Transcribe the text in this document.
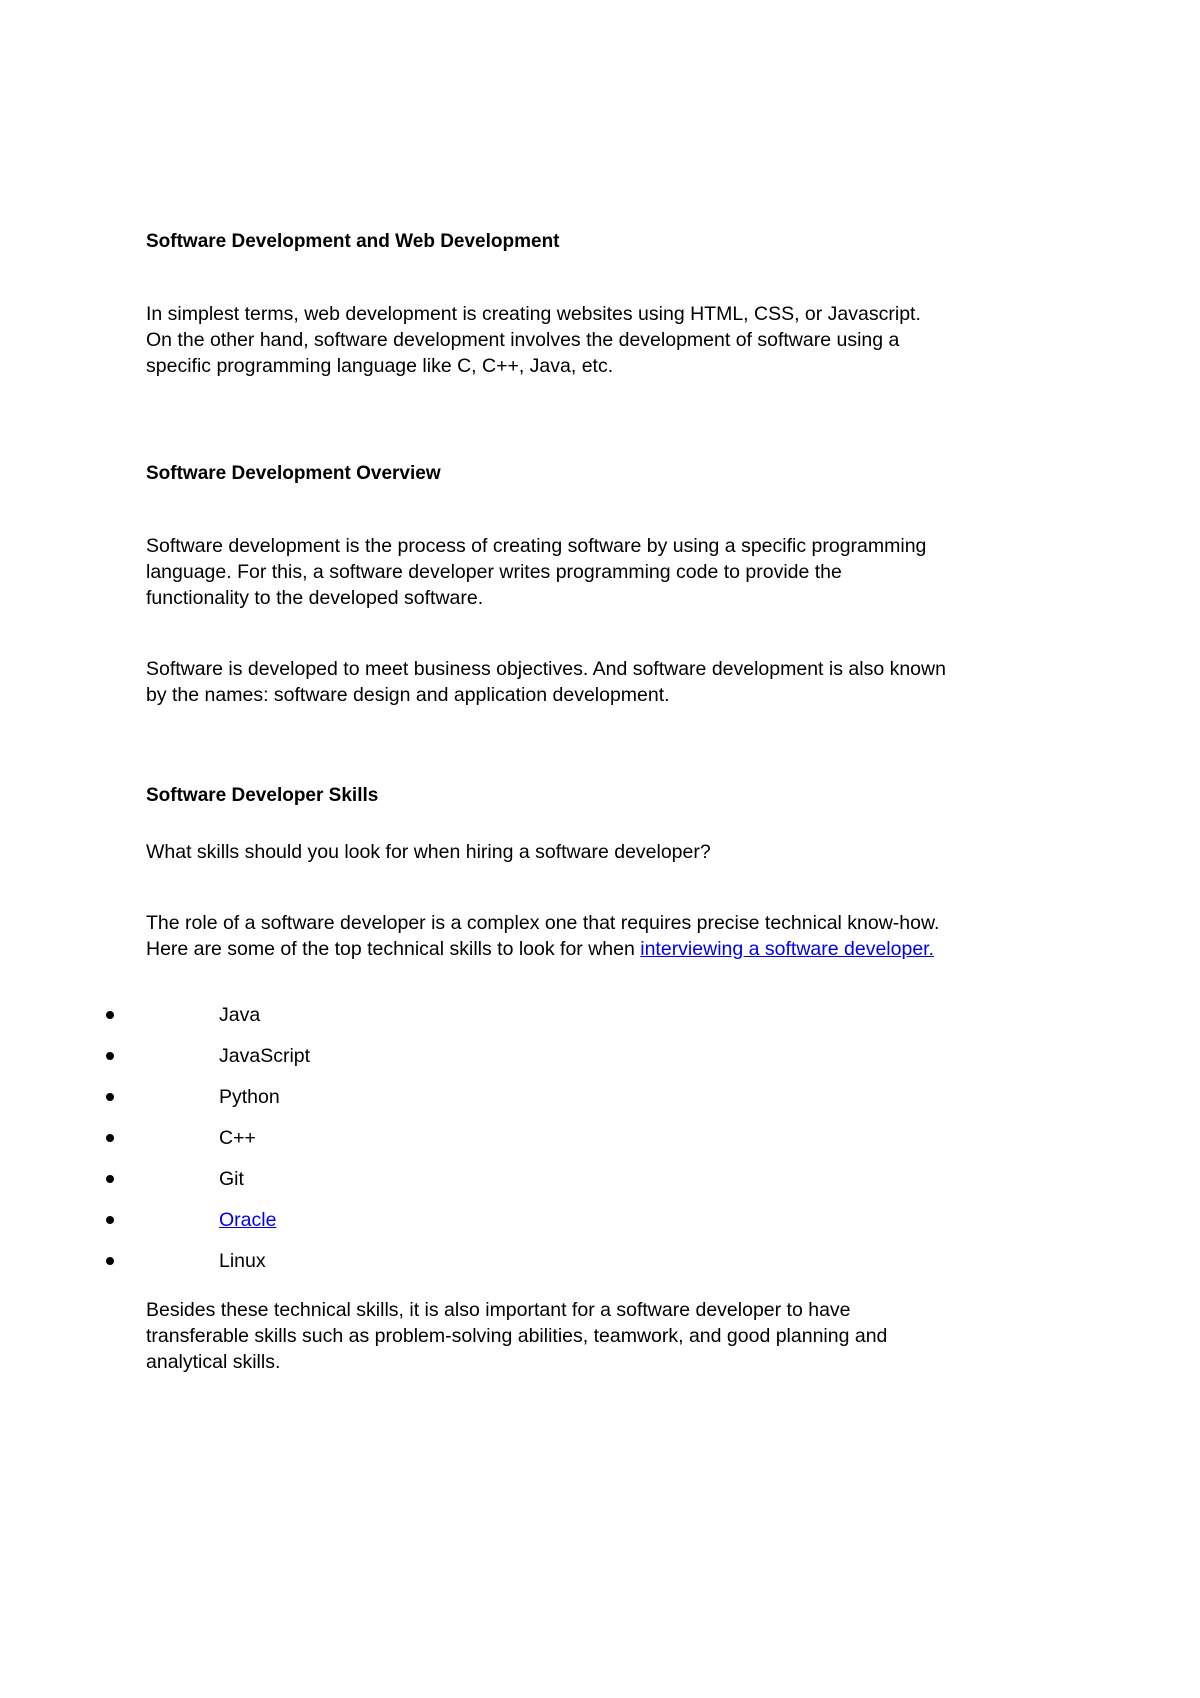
Software Development and Web Development
In simplest terms, web development is creating websites using HTML, CSS, or Javascript.
On the other hand, software development involves the development of software using a
specific programming language like C, C++, Java, etc.
Software Development Overview
Software development is the process of creating software by using a specific programming
language. For this, a software developer writes programming code to provide the
functionality to the developed software.
Software is developed to meet business objectives. And software development is also known
by the names: software design and application development.
Software Developer Skills
What skills should you look for when hiring a software developer?
The role of a software developer is a complex one that requires precise technical know-how.
Here are some of the top technical skills to look for when interviewing a software developer.
Java
JavaScript
Python
C++
Git
Oracle
Linux
Besides these technical skills, it is also important for a software developer to have
transferable skills such as problem-solving abilities, teamwork, and good planning and
analytical skills.
